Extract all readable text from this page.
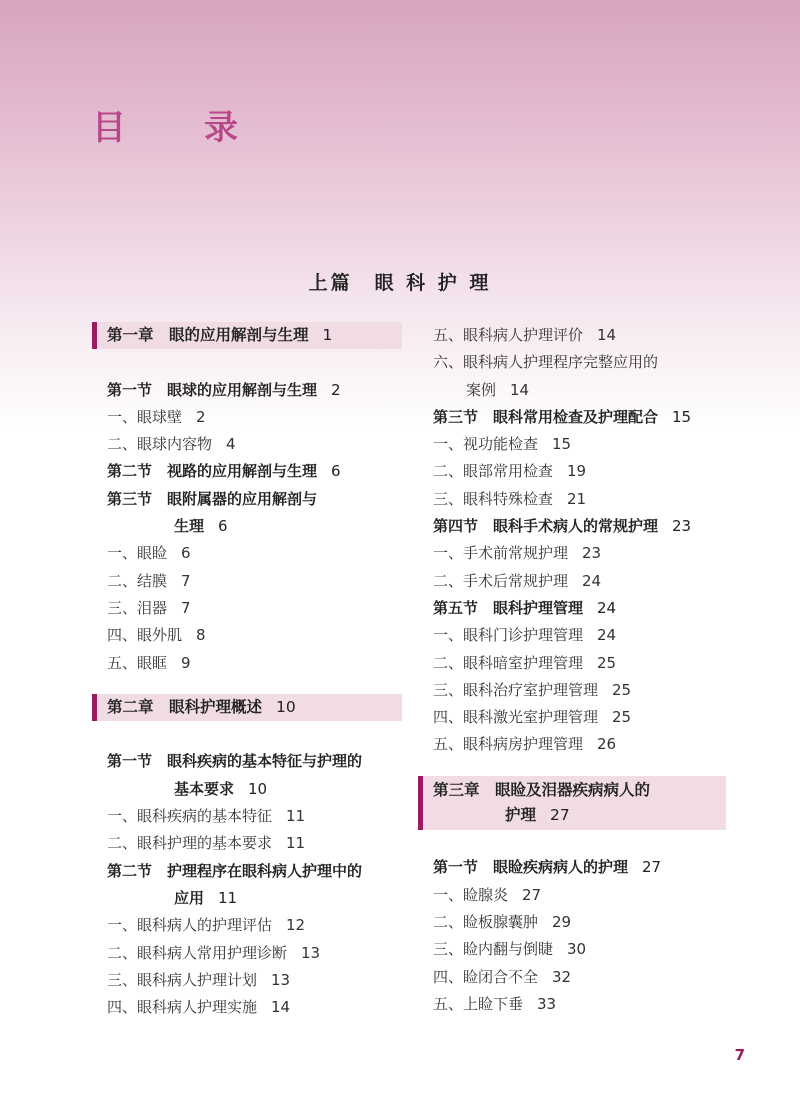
目　录
上篇　眼 科 护 理
第一章　眼的应用解剖与生理 1
第一节　眼球的应用解剖与生理 2
一、眼球壁 2
二、眼球内容物 4
第二节　视路的应用解剖与生理 6
第三节　眼附属器的应用解剖与
生理 6
一、眼睑 6
二、结膜 7
三、泪器 7
四、眼外肌 8
五、眼眶 9
第二章　眼科护理概述 10
第一节　眼科疾病的基本特征与护理的
基本要求 10
一、眼科疾病的基本特征 11
二、眼科护理的基本要求 11
第二节　护理程序在眼科病人护理中的
应用 11
一、眼科病人的护理评估 12
二、眼科病人常用护理诊断 13
三、眼科病人护理计划 13
四、眼科病人护理实施 14
五、眼科病人护理评价 14
六、眼科病人护理程序完整应用的
案例 14
第三节　眼科常用检查及护理配合 15
一、视功能检查 15
二、眼部常用检查 19
三、眼科特殊检查 21
第四节　眼科手术病人的常规护理 23
一、手术前常规护理 23
二、手术后常规护理 24
第五节　眼科护理管理 24
一、眼科门诊护理管理 24
二、眼科暗室护理管理 25
三、眼科治疗室护理管理 25
四、眼科激光室护理管理 25
五、眼科病房护理管理 26
第三章　眼睑及泪器疾病病人的
护理 27
第一节　眼睑疾病病人的护理 27
一、睑腺炎 27
二、睑板腺囊肿 29
三、睑内翻与倒睫 30
四、睑闭合不全 32
五、上睑下垂 33
7
